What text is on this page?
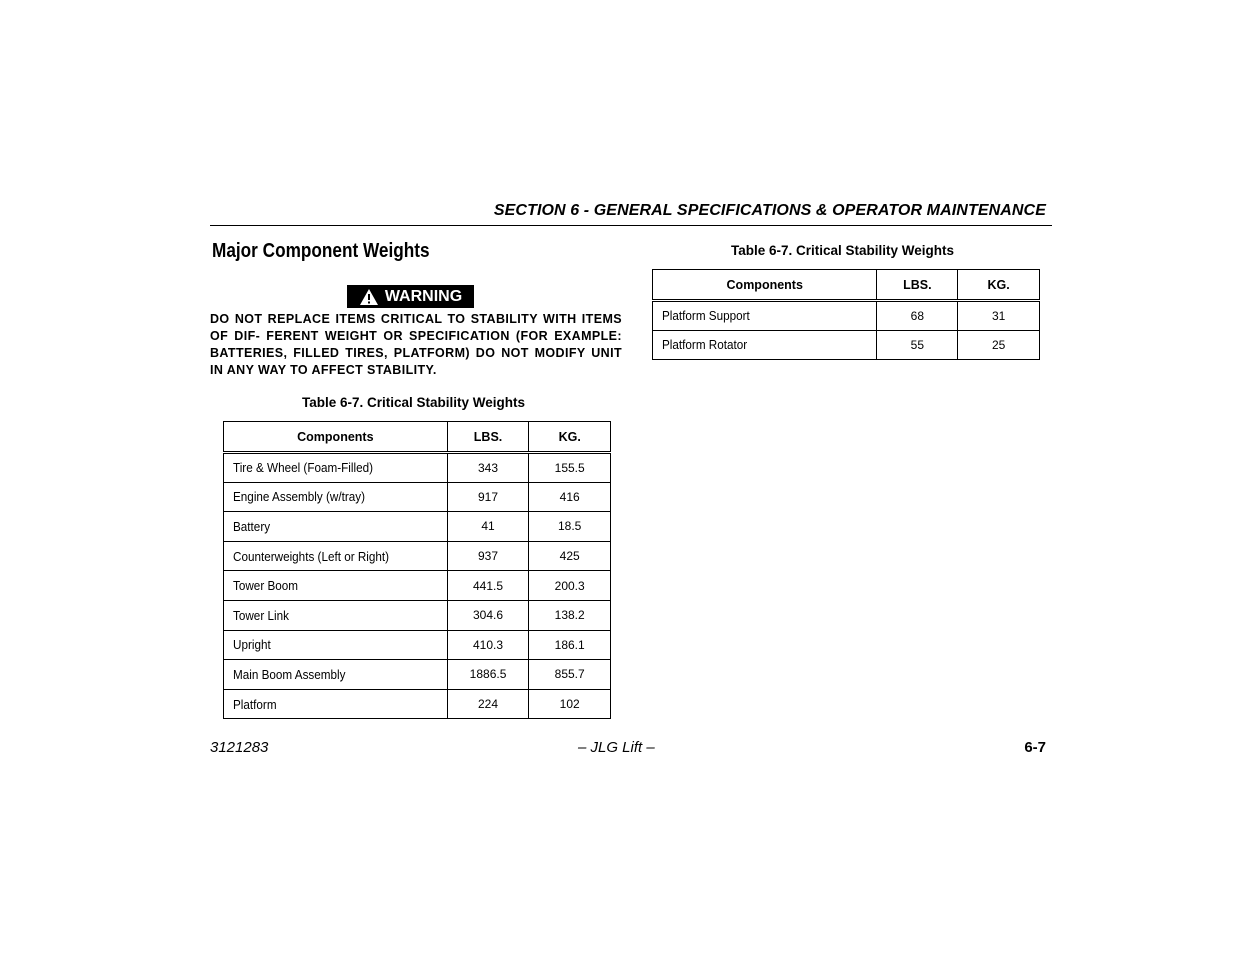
SECTION 6 - GENERAL SPECIFICATIONS & OPERATOR MAINTENANCE
Major Component Weights
WARNING
DO NOT REPLACE ITEMS CRITICAL TO STABILITY WITH ITEMS OF DIF- FERENT WEIGHT OR SPECIFICATION (FOR EXAMPLE: BATTERIES, FILLED TIRES, PLATFORM) DO NOT MODIFY UNIT IN ANY WAY TO AFFECT STABILITY.
Table 6-7. Critical Stability Weights
Components	LBS.	KG.
Tire & Wheel (Foam-Filled)	343	155.5
Engine Assembly (w/tray)	917	416
Battery	41	18.5
Counterweights (Left or Right)	937	425
Tower Boom	441.5	200.3
Tower Link	304.6	138.2
Upright	410.3	186.1
Main Boom Assembly	1886.5	855.7
Platform	224	102
Table 6-7. Critical Stability Weights
Components	LBS.	KG.
Platform Support	68	31
Platform Rotator	55	25
3121283	– JLG Lift –	6-7
